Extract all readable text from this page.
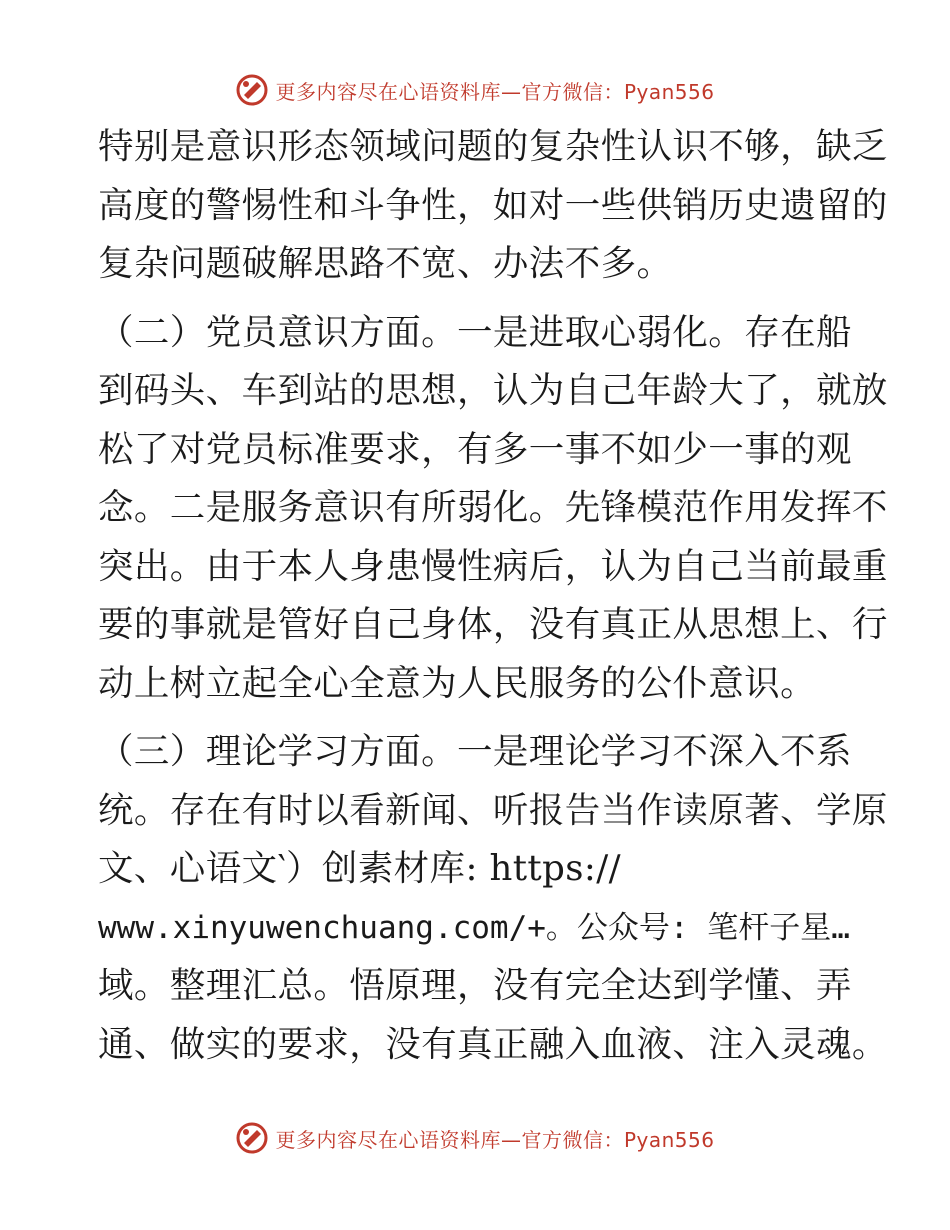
更多内容尽在心语资料库—官方微信：Pyan556
特别是意识形态领域问题的复杂性认识不够，缺乏
高度的警惕性和斗争性，如对一些供销历史遗留的
复杂问题破解思路不宽、办法不多。
（二）党员意识方面。一是进取心弱化。存在船
到码头、车到站的思想，认为自己年龄大了，就放
松了对党员标准要求，有多一事不如少一事的观
念。二是服务意识有所弱化。先锋模范作用发挥不
突出。由于本人身患慢性病后，认为自己当前最重
要的事就是管好自己身体，没有真正从思想上、行
动上树立起全心全意为人民服务的公仆意识。
（三）理论学习方面。一是理论学习不深入不系
统。存在有时以看新闻、听报告当作读原著、学原
文、心语文‵）创素材库: https://
www.xinyuwenchuang.com/+。公众号: 笔杆子星…
域。整理汇总。悟原理，没有完全达到学懂、弄
通、做实的要求，没有真正融入血液、注入灵魂。
更多内容尽在心语资料库—官方微信：Pyan556
